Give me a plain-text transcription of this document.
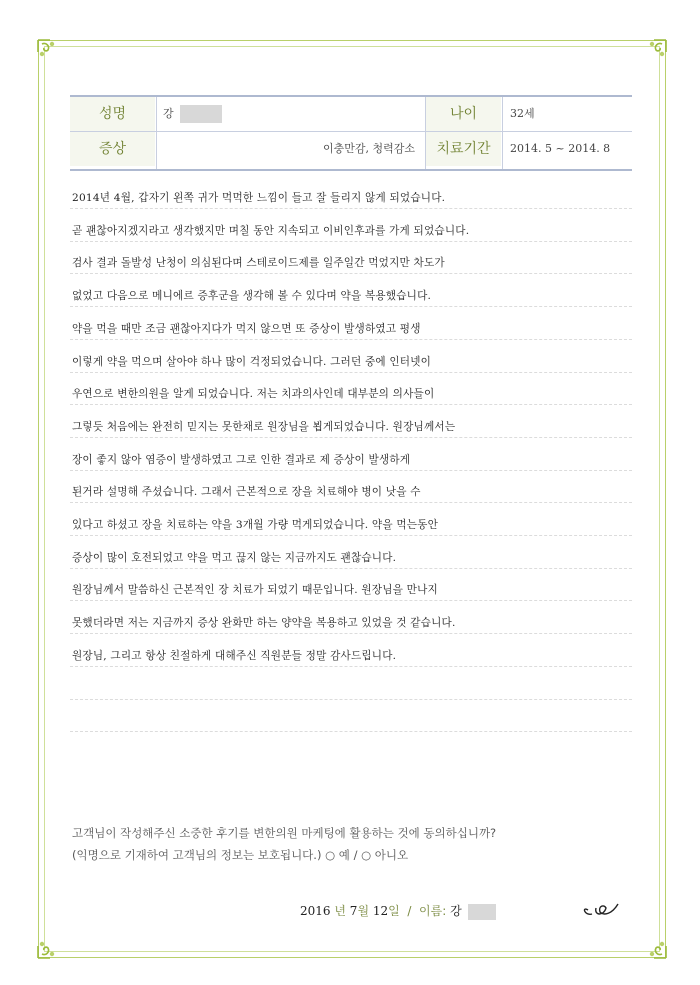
성명	강	나이	32세
증상	이충만감, 청력감소	치료기간	2014. 5 ~ 2014. 8
2014년 4월, 갑자기 왼쪽 귀가 먹먹한 느낌이 들고 잘 들리지 않게 되었습니다.
곧 괜찮아지겠지라고 생각했지만 며칠 동안 지속되고 이비인후과를 가게 되었습니다.
검사 결과 돌발성 난청이 의심된다며 스테로이드제를 일주일간 먹었지만 차도가
없었고 다음으로 메니에르 증후군을 생각해 볼 수 있다며 약을 복용했습니다.
약을 먹을 때만 조금 괜찮아지다가 먹지 않으면 또 증상이 발생하였고 평생
이렇게 약을 먹으며 살아야 하나 많이 걱정되었습니다. 그러던 중에 인터넷이
우연으로 변한의원을 알게 되었습니다. 저는 치과의사인데 대부분의 의사들이
그렇듯 처음에는 완전히 믿지는 못한채로 원장님을 뵙게되었습니다. 원장님께서는
장이 좋지 않아 염증이 발생하였고 그로 인한 결과로 제 증상이 발생하게
된거라 설명해 주셨습니다. 그래서 근본적으로 장을 치료해야 병이 낫을 수
있다고 하셨고 장을 치료하는 약을 3개월 가량 먹게되었습니다. 약을 먹는동안
증상이 많이 호전되었고 약을 먹고 끊지 않는 지금까지도 괜찮습니다.
원장님께서 말씀하신 근본적인 장 치료가 되었기 때문입니다. 원장님을 만나지
못했더라면 저는 지금까지 증상 완화만 하는 양약을 복용하고 있었을 것 같습니다.
원장님, 그리고 항상 친절하게 대해주신 직원분들 정말 감사드립니다.
고객님이 작성해주신 소중한 후기를 변한의원 마케팅에 활용하는 것에 동의하십니까?
(익명으로 기재하여 고객님의 정보는 보호됩니다.) ○ 예 / ○ 아니오
2016 년 7월 12일  /  이름: 강
